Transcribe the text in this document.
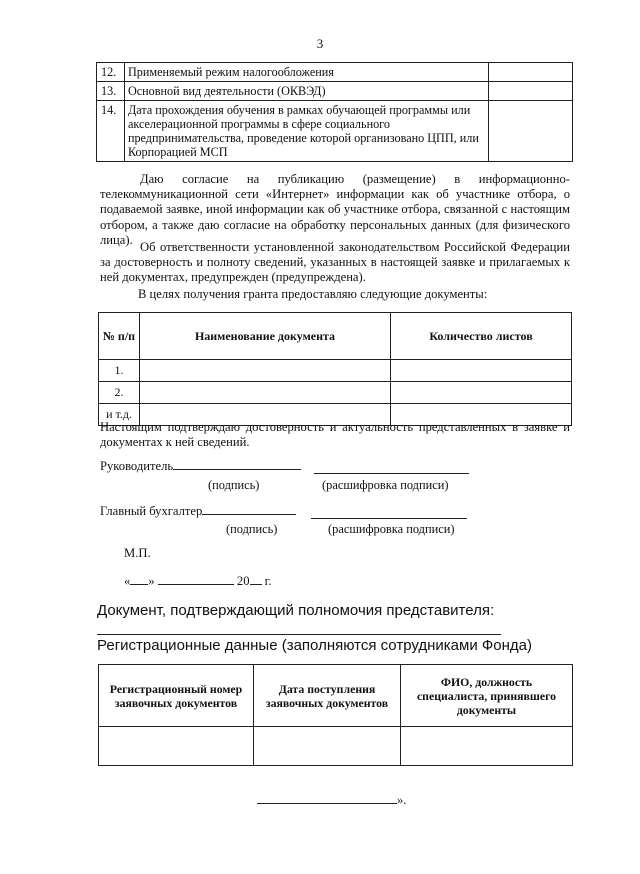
3
12.	Применяемый режим налогообложения	
13.	Основной вид деятельности (ОКВЭД)	
14.	Дата прохождения обучения в рамках обучающей программы или акселерационной программы в сфере социального предпринимательства, проведение которой организовано ЦПП, или Корпорацией МСП	

Даю согласие на публикацию (размещение) в информационно-телекоммуникационной сети «Интернет» информации как об участнике отбора, о подаваемой заявке, иной информации как об участнике отбора, связанной с настоящим отбором, а также даю согласие на обработку персональных данных (для физического лица).

Об ответственности установленной законодательством Российской Федерации за достоверность и полноту сведений, указанных в настоящей заявке и прилагаемых к ней документах, предупрежден (предупреждена).

В целях получения гранта предоставляю следующие документы:

№ п/п	Наименование документа	Количество листов
1.		
2.		
и т.д.		

Настоящим подтверждаю достоверность и актуальность представленных в заявке и документах к ней сведений.

Руководитель
(подпись)	(расшифровка подписи)
Главный бухгалтер
(подпись)	(расшифровка подписи)
М.П.
« »	20 г.
Документ, подтверждающий полномочия представителя:
Регистрационные данные (заполняются сотрудниками Фонда)
Регистрационный номер заявочных документов	Дата поступления заявочных документов	ФИО, должность специалиста, принявшего документы

».
